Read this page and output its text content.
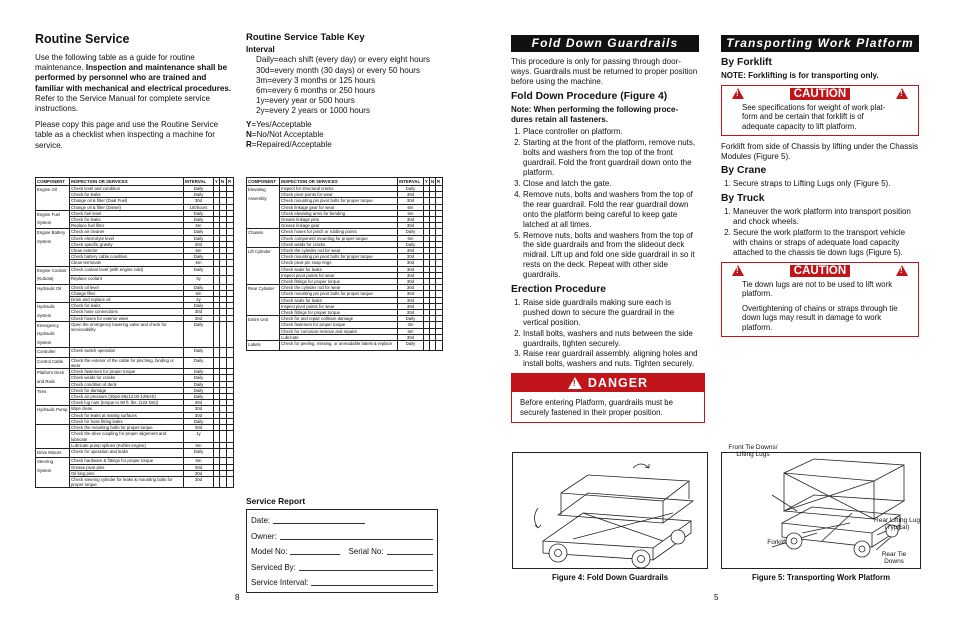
Routine Service

Use the following table as a guide for routine maintenance. Inspection and maintenance shall be performed by personnel who are trained and familiar with mechanical and electrical procedures. Refer to the Service Manual for complete service instructions.

Please copy this page and use the Routine Service table as a checklist when inspecting a machine for service.

Routine Service Table Key
Interval
Daily=each shift (every day) or every eight hours
30d=every month (30 days) or every 50 hours
3m=every 3 months or 125 hours
6m=every 6 months or 250 hours
1y=every year or 500 hours
2y=every 2 years or 1000 hours
Y=Yes/Acceptable
N=No/Not Acceptable
R=Repaired/Acceptable
COMPONENT	INSPECTION OR SERVICES	INTERVAL	Y	N	R
Engine Oil	Check level and condition	Daily			
	Check for leaks	Daily			
	Change oil & filter (Dual Fuel)	30d			
	Change oil & filter (Diesel)	100hours			
Engine Fuel System	Check fuel level	Daily			
	Check for leaks	Daily			
	Replace fuel filter	6m			
Engine Battery System	Check air cleaner	Daily			
	Check electrolyte level	Daily			
	Check specific gravity	30d			
	Clean exterior	6m			
	Check battery cable condition	Daily			
	Clean terminals	6m			
Engine Coolant (Kubota)	Check coolant level (with engine cold)	Daily			
	Replace coolant	3y			
Hydraulic Oil	Check oil level	Daily			
	Change filter	6m			
	Drain and replace oil	2y			
Hydraulic System	Check for leaks	Daily			
	Check hose connections	30d			
	Check hoses for exterior wear	30d			
Emergency Hydraulic System	Open the emergency lowering valve and check for serviceability	Daily			
Controller	Check switch operation	Daily			
Control Cable	Check the exterior of the cable for pinching, binding or wear	Daily			
Platform Deck and Rails	Check fasteners for proper torque	Daily			
	Check welds for cracks	Daily			
	Check condition of deck	Daily			
Tires	Check for damage	Daily			
	Check air pressure (30psi-26x12.00-12NHS)	Daily			
	Check lug nuts (torque to 90 ft. lbs. (123 Nm))	30d			
Hydraulic Pump	Wipe clean	30d			
	Check for leaks at mating surfaces	30d			
	Check for hose fitting leaks	Daily			
	Check the mounting bolts for proper torque	30d			
	Check the drive coupling for proper alignment and lubricate	1y			
	Lubricate pump splines (Kohler engine)	6m			
Drive Motors	Check for operation and leaks	Daily			
Steering System	Check hardware & fittings for proper torque	6m			
	Grease pivot pins	30d			
	Oil king pins	30d			
	Check steering cylinder for leaks & mounting bolts for proper torque	30d			
COMPONENT	INSPECTION OR SERVICES	INTERVAL	Y	N	R
Elevating Assembly	Inspect for structural cracks	Daily			
	Check pivot points for wear	30d			
	Check mounting pin pivot bolts for proper torque	30d			
	Check linkage gear for wear	6m			
	Check elevating arms for bending	6m			
	Grease linkage pins	30d			
	Grease linkage gear	30d			
Chassis	Check hoses for pinch or rubbing points	Daily			
	Check component mounting for proper torque	6m			
	Check welds for cracks	Daily			
Lift Cylinder	Check the cylinder rod for wear	30d			
	Check mounting pin pivot bolts for proper torque	30d			
	Check pivot pin snap rings	30d			
	Check seals for leaks	30d			
	Inspect pivot points for wear	30d			
	Check fittings for proper torque	30d			
Rear Cylinder	Check the cylinder rod for wear	30d			
	Check mounting pin pivot bolts for proper torque	30d			
	Check seals for leaks	30d			
	Inspect pivot points for wear	30d			
	Check fittings for proper torque	30d			
Entire Unit	Check for and repair collision damage	Daily			
	Check fasteners for proper torque	3m			
	Check for corrosion-remove and repaint	6m			
	Lubricate	30d			
Labels	Check for peeling, missing, or unreadable labels & replace	Daily			
Service Report
Date:
Owner:
Model No:	Serial No:
Serviced By:
Service Interval:
8
Fold Down Guardrails

This procedure is only for passing through door-ways. Guardrails must be returned to proper position before using the machine.

Fold Down Procedure (Figure 4)
Note: When performing the following proce-dures retain all fasteners.
1. Place controller on platform.
2. Starting at the front of the platform, remove nuts, bolts and washers from the top of the front guardrail. Fold the front guardrail down onto the platform.
3. Close and latch the gate.
4. Remove nuts, bolts and washers from the top of the rear guardrail. Fold the rear guardrail down onto the platform being careful to keep gate latched at all times.
5. Remove nuts, bolts and washers from the top of the side guardrails and from the slideout deck midrail. Lift up and fold one side guardrail in so it rests on the deck. Repeat with other side guardrails.
Erection Procedure
1. Raise side guardrails making sure each is pushed down to secure the guardrail in the vertical position.
2. Install bolts, washers and nuts between the side guardrails, tighten securely.
3. Raise rear guardrail assembly. aligning holes and install bolts, washers and nuts. Tighten securely.
! DANGER
Before entering Platform, guardrails must be securely fastened in their proper position.
Transporting Work Platform
By Forklift
NOTE: Forklifting is for transporting only.
!	CAUTION	!
See specifications for weight of work plat-form and be certain that forklift is of adequate capacity to lift platform.

Forklift from side of Chassis by lifting under the Chassis Modules (Figure 5).

By Crane
1. Secure straps to Lifting Lugs only (Figure 5).
By Truck
1. Maneuver the work platform into transport position and chock wheels.
2. Secure the work platform to the transport vehicle with chains or straps of adequate load capacity attached to the chassis tie down lugs (Figure 5).
!	CAUTION	!
Tie down lugs are not to be used to lift work platform.
Overtightening of chains or straps through tie down lugs may result in damage to work platform.
Figure 4: Fold Down Guardrails
Front Tie Downs/ Lifting Lugs
Forklift
Rear Lifting Lug (Typical)
Rear Tie Downs
Figure 5: Transporting Work Platform
5
